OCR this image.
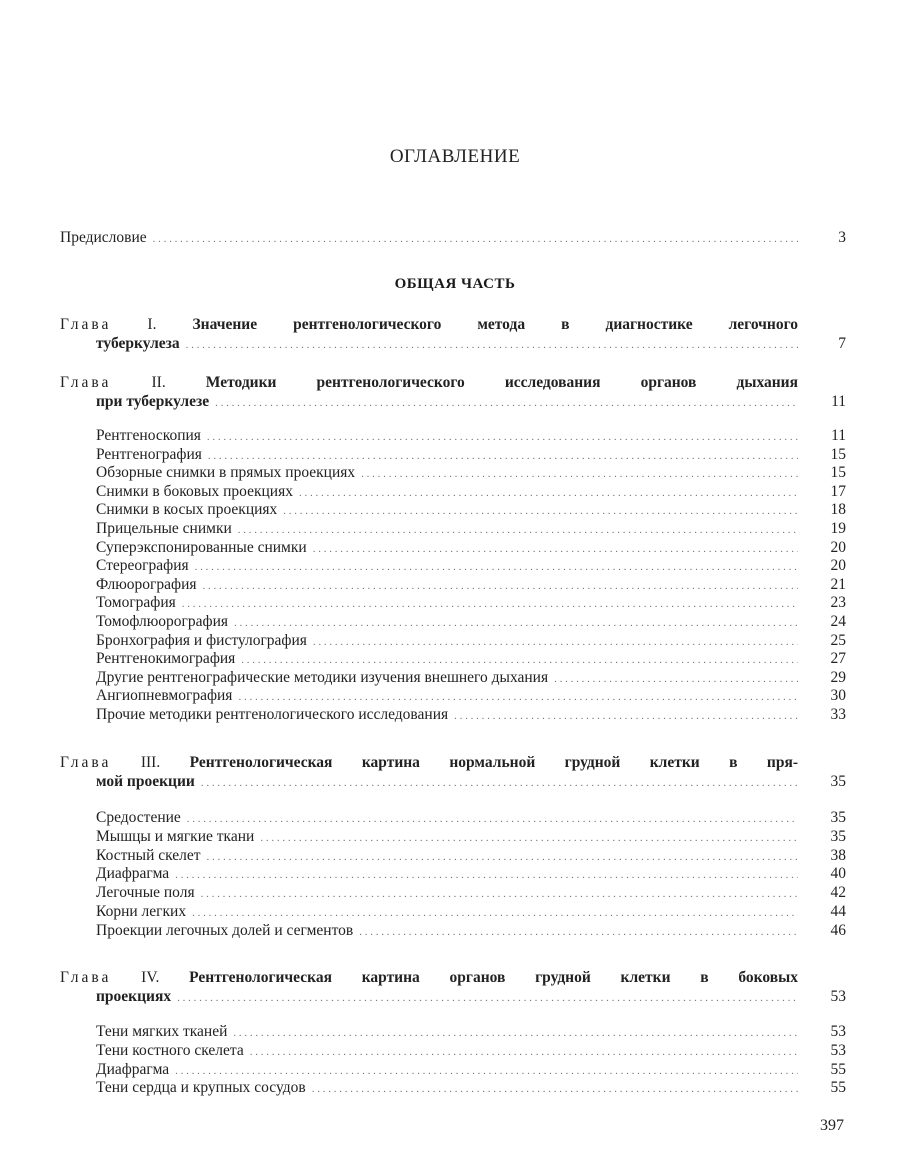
ОГЛАВЛЕНИЕ
Предисловие . . .	3
ОБЩАЯ ЧАСТЬ
Глава I. Значение рентгенологического метода в диагностике легочного
туберкулеза . . .	7
Глава	II.	Методики рентгенологического исследования органов дыхания
при туберкулезе . . .	11
Рентгеноскопия . . .	11
Рентгенография . . .	15
Обзорные снимки в прямых проекциях . . .	15
Снимки в боковых проекциях . . .	17
Снимки в косых проекциях . . .	18
Прицельные снимки . . .	19
Суперэкспонированные снимки . . .	20
Стереография . . .	20
Флюорография . . .	21
Томография . . .	23
Томофлюорография . . .	24
Бронхография и фистулография . . .	25
Рентгенокимография . . .	27
Другие рентгенографические методики изучения внешнего дыхания . . .	29
Ангиопневмография . . .	30
Прочие методики рентгенологического исследования . . .	33
Глава III. Рентгенологическая картина нормальной грудной клетки в пря-
мой проекции . . .	35
Средостение . . .	35
Мышцы и мягкие ткани . . .	35
Костный скелет . . .	38
Диафрагма . . .	40
Легочные поля . . .	42
Корни легких . . .	44
Проекции легочных долей и сегментов . . .	46
Глава IV. Рентгенологическая картина органов грудной клетки в боковых
проекциях . . .	53
Тени мягких тканей . . .	53
Тени костного скелета . . .	53
Диафрагма . . .	55
Тени сердца и крупных сосудов . . .	55
397
